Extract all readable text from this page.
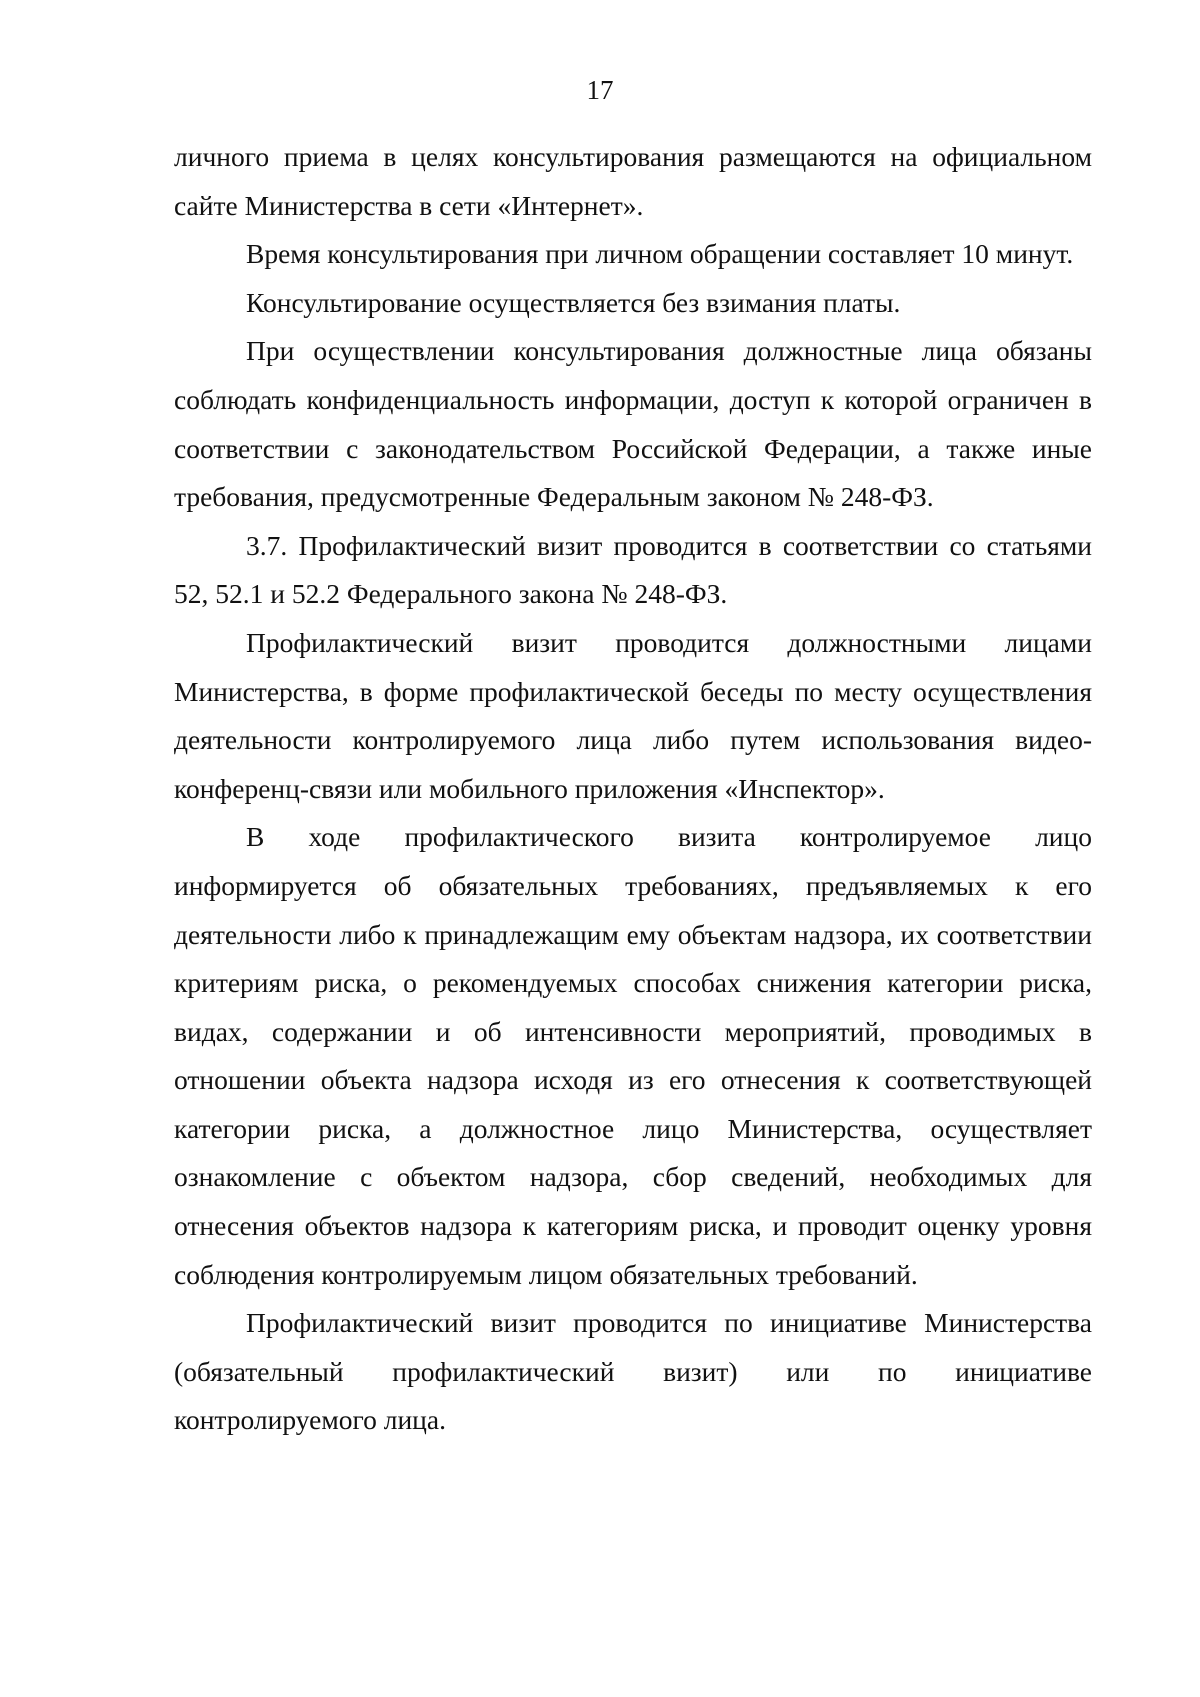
17

личного приема в целях консультирования размещаются на официальном сайте Министерства в сети «Интернет».

Время консультирования при личном обращении составляет 10 минут.

Консультирование осуществляется без взимания платы.

При осуществлении консультирования должностные лица обязаны соблюдать конфиденциальность информации, доступ к которой ограничен в соответствии с законодательством Российской Федерации, а также иные требования, предусмотренные Федеральным законом № 248-ФЗ.

3.7. Профилактический визит проводится в соответствии со статьями 52, 52.1 и 52.2 Федерального закона № 248-ФЗ.

Профилактический визит проводится должностными лицами Министерства, в форме профилактической беседы по месту осуществления деятельности контролируемого лица либо путем использования видео-конференц-связи или мобильного приложения «Инспектор».

В ходе профилактического визита контролируемое лицо информируется об обязательных требованиях, предъявляемых к его деятельности либо к принадлежащим ему объектам надзора, их соответствии критериям риска, о рекомендуемых способах снижения категории риска, видах, содержании и об интенсивности мероприятий, проводимых в отношении объекта надзора исходя из его отнесения к соответствующей категории риска, а должностное лицо Министерства, осуществляет ознакомление с объектом надзора, сбор сведений, необходимых для отнесения объектов надзора к категориям риска, и проводит оценку уровня соблюдения контролируемым лицом обязательных требований.

Профилактический визит проводится по инициативе Министерства (обязательный профилактический визит) или по инициативе контролируемого лица.
